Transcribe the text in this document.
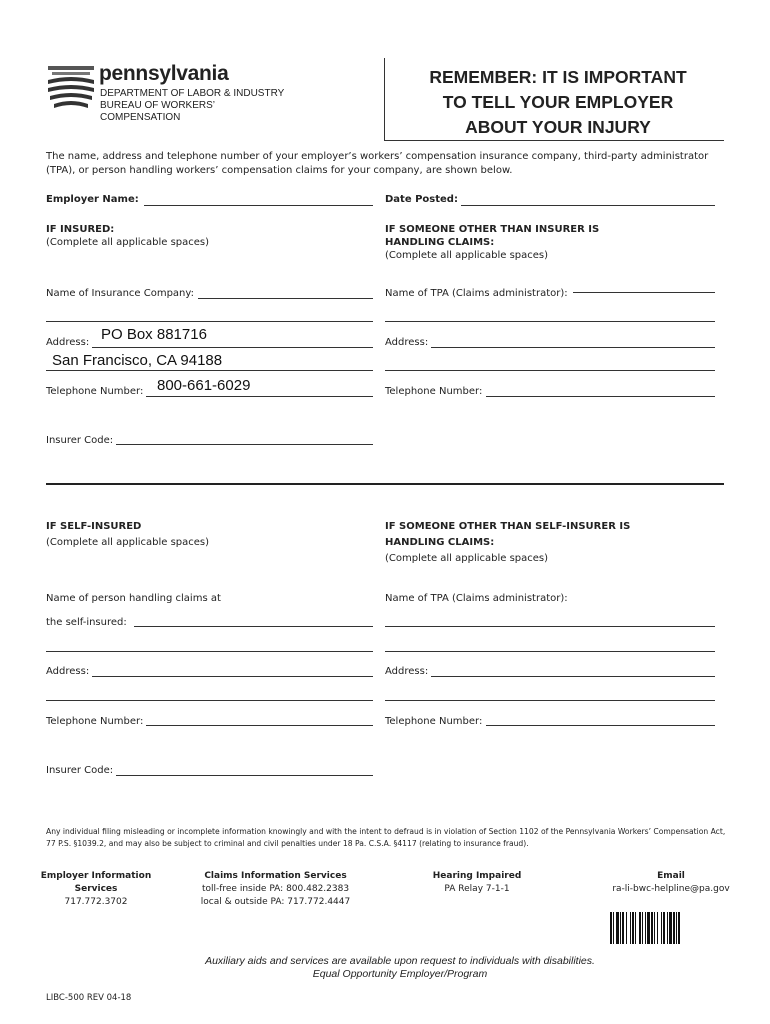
pennsylvania
DEPARTMENT OF LABOR & INDUSTRY
BUREAU OF WORKERS’ COMPENSATION
REMEMBER: IT IS IMPORTANT
TO TELL YOUR EMPLOYER
ABOUT YOUR INJURY
The name, address and telephone number of your employer’s workers’ compensation insurance company, third-party administrator
(TPA), or person handling workers’ compensation claims for your company, are shown below.
Employer Name:	Date Posted:
IF INSURED:
(Complete all applicable spaces)
IF SOMEONE OTHER THAN INSURER IS
HANDLING CLAIMS:
(Complete all applicable spaces)
Name of Insurance Company:	Name of TPA (Claims administrator):
Address: PO Box 881716
San Francisco, CA 94188
Address:
Telephone Number: 800-661-6029	Telephone Number:
Insurer Code:
IF SELF-INSURED
(Complete all applicable spaces)
IF SOMEONE OTHER THAN SELF-INSURER IS
HANDLING CLAIMS:
(Complete all applicable spaces)
Name of person handling claims at
the self-insured:
Name of TPA (Claims administrator):
Address:	Address:
Telephone Number:	Telephone Number:
Insurer Code:
Any individual filing misleading or incomplete information knowingly and with the intent to defraud is in violation of Section 1102 of the Pennsylvania Workers’ Compensation Act,
77 P.S. §1039.2, and may also be subject to criminal and civil penalties under 18 Pa. C.S.A. §4117 (relating to insurance fraud).
Employer Information
Services
717.772.3702
Claims Information Services
toll-free inside PA: 800.482.2383
local & outside PA: 717.772.4447
Hearing Impaired
PA Relay 7-1-1
Email
ra-li-bwc-helpline@pa.gov
Auxiliary aids and services are available upon request to individuals with disabilities.
Equal Opportunity Employer/Program
LIBC-500 REV 04-18
